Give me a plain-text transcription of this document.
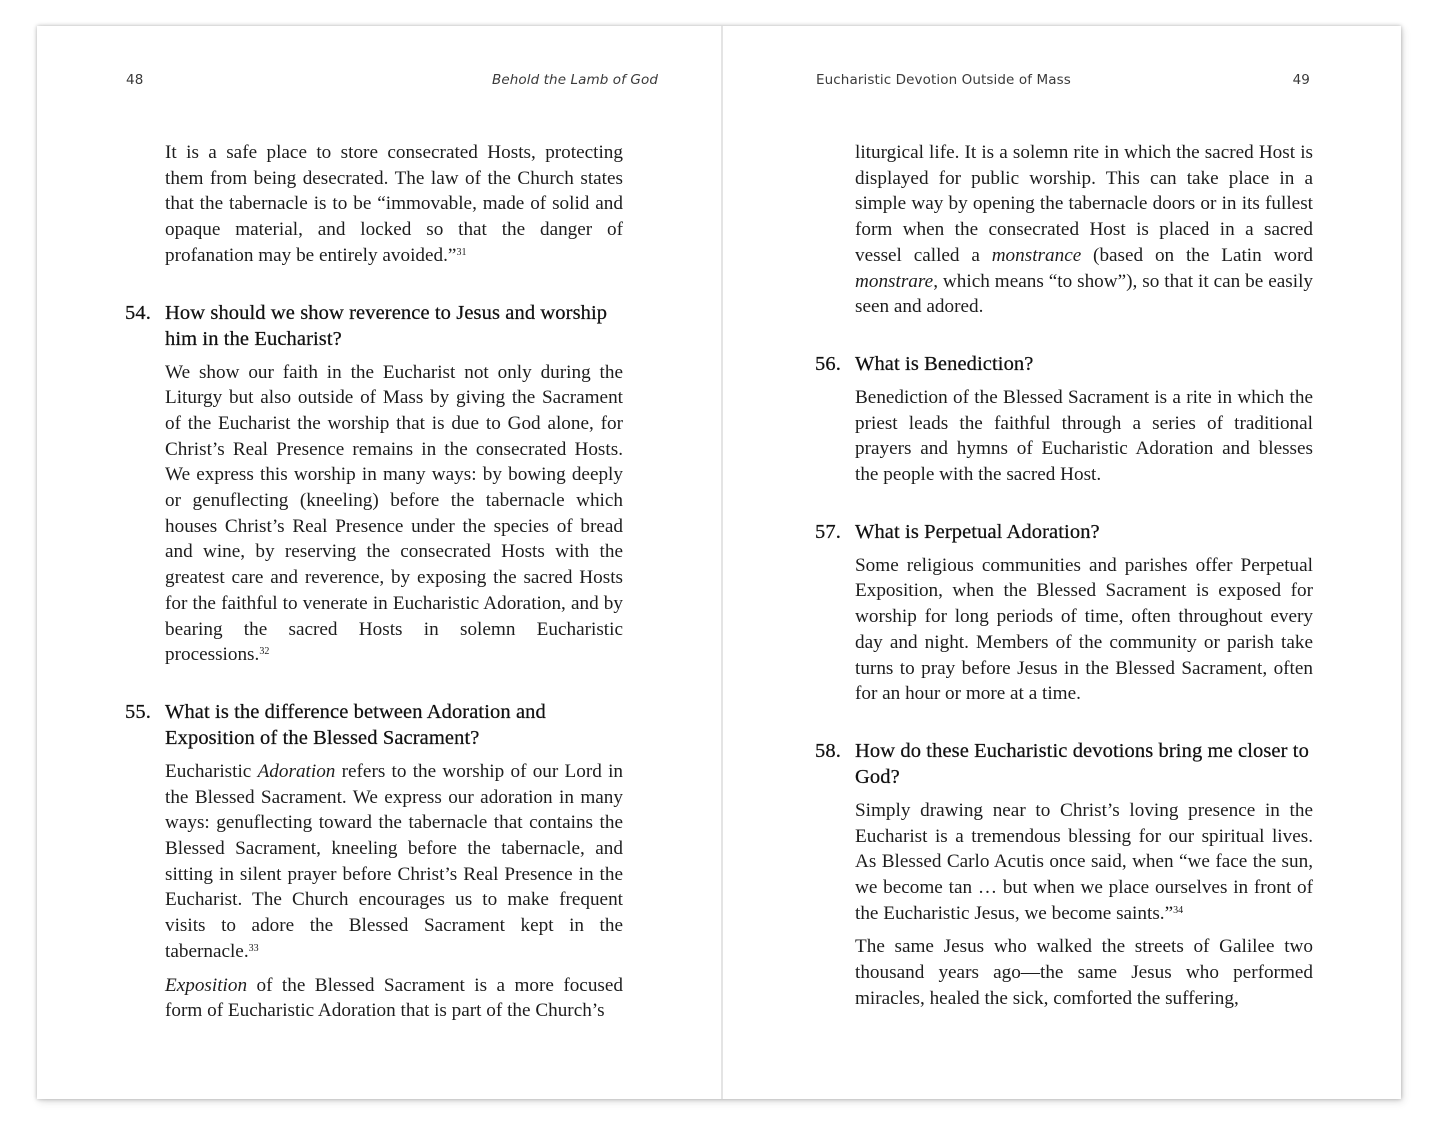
48	Behold the Lamb of God

It is a safe place to store consecrated Hosts, protecting them from being desecrated. The law of the Church states that the tabernacle is to be “immovable, made of solid and opaque material, and locked so that the danger of profanation may be entirely avoided.”$^{31}$

54. How should we show reverence to Jesus and worship him in the Eucharist?

We show our faith in the Eucharist not only during the Liturgy but also outside of Mass by giving the Sacrament of the Eucharist the worship that is due to God alone, for Christ’s Real Presence remains in the consecrated Hosts. We express this worship in many ways: by bowing deeply or genuflecting (kneeling) before the tabernacle which houses Christ’s Real Presence under the species of bread and wine, by reserving the consecrated Hosts with the greatest care and reverence, by exposing the sacred Hosts for the faithful to venerate in Eucharistic Adoration, and by bearing the sacred Hosts in solemn Eucharistic processions.$^{32}$

55. What is the difference between Adoration and Exposition of the Blessed Sacrament?

Eucharistic Adoration refers to the worship of our Lord in the Blessed Sacrament. We express our adoration in many ways: genuflecting toward the tabernacle that contains the Blessed Sacrament, kneeling before the tabernacle, and sitting in silent prayer before Christ’s Real Presence in the Eucharist. The Church encourages us to make frequent visits to adore the Blessed Sacrament kept in the tabernacle.$^{33}$

Exposition of the Blessed Sacrament is a more focused form of Eucharistic Adoration that is part of the Church’s

Eucharistic Devotion Outside of Mass	49

liturgical life. It is a solemn rite in which the sacred Host is displayed for public worship. This can take place in a simple way by opening the tabernacle doors or in its fullest form when the consecrated Host is placed in a sacred vessel called a monstrance (based on the Latin word monstrare, which means “to show”), so that it can be easily seen and adored.

56. What is Benediction?

Benediction of the Blessed Sacrament is a rite in which the priest leads the faithful through a series of traditional prayers and hymns of Eucharistic Adoration and blesses the people with the sacred Host.

57. What is Perpetual Adoration?

Some religious communities and parishes offer Perpetual Exposition, when the Blessed Sacrament is exposed for worship for long periods of time, often throughout every day and night. Members of the community or parish take turns to pray before Jesus in the Blessed Sacrament, often for an hour or more at a time.

58. How do these Eucharistic devotions bring me closer to God?

Simply drawing near to Christ’s loving presence in the Eucharist is a tremendous blessing for our spiritual lives. As Blessed Carlo Acutis once said, when “we face the sun, we become tan … but when we place ourselves in front of the Eucharistic Jesus, we become saints.”$^{34}$

The same Jesus who walked the streets of Galilee two thousand years ago—the same Jesus who performed miracles, healed the sick, comforted the suffering,
